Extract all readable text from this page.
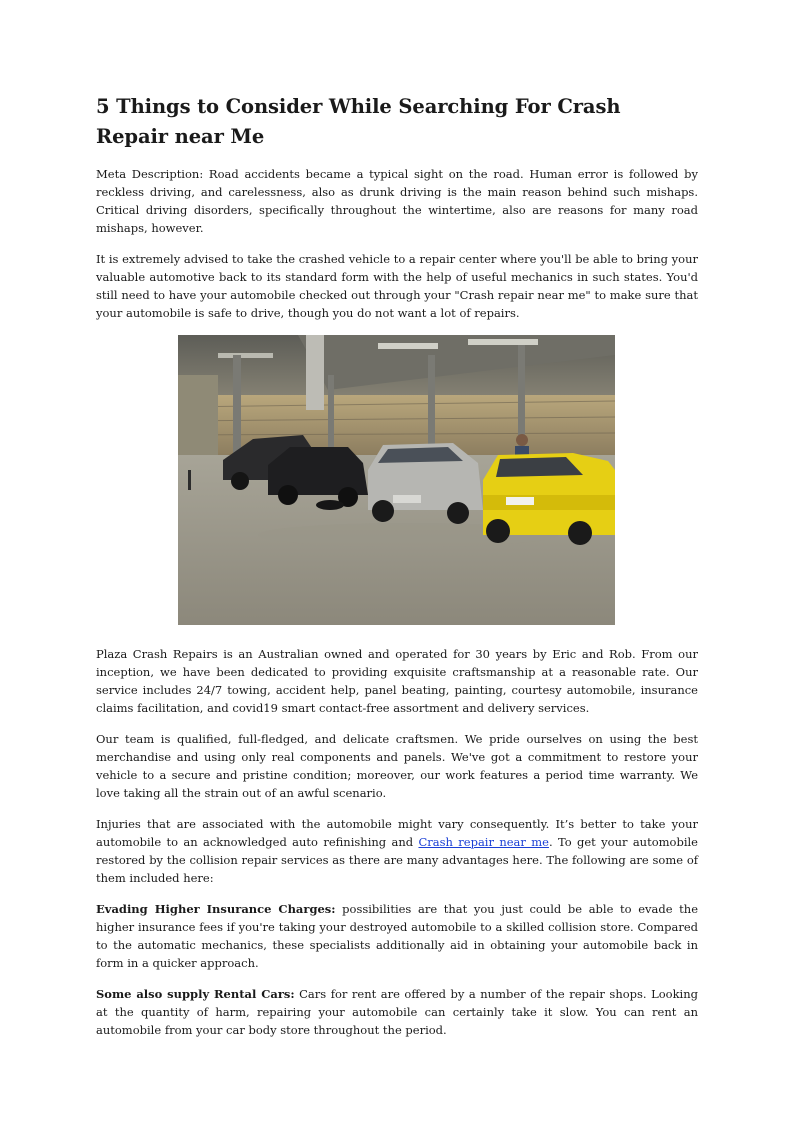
5 Things to Consider While Searching For Crash Repair near Me

Meta Description: Road accidents became a typical sight on the road. Human error is followed by reckless driving, and carelessness, also as drunk driving is the main reason behind such mishaps. Critical driving disorders, specifically throughout the wintertime, also are reasons for many road mishaps, however.

It is extremely advised to take the crashed vehicle to a repair center where you'll be able to bring your valuable automotive back to its standard form with the help of useful mechanics in such states. You'd still need to have your automobile checked out through your "Crash repair near me" to make sure that your automobile is safe to drive, though you do not want a lot of repairs.

Plaza Crash Repairs is an Australian owned and operated for 30 years by Eric and Rob. From our inception, we have been dedicated to providing exquisite craftsmanship at a reasonable rate. Our service includes 24/7 towing, accident help, panel beating, painting, courtesy automobile, insurance claims facilitation, and covid19 smart contact-free assortment and delivery services.

Our team is qualified, full-fledged, and delicate craftsmen. We pride ourselves on using the best merchandise and using only real components and panels. We've got a commitment to restore your vehicle to a secure and pristine condition; moreover, our work features a period time warranty. We love taking all the strain out of an awful scenario.

Injuries that are associated with the automobile might vary consequently. It’s better to take your automobile to an acknowledged auto refinishing and Crash repair near me. To get your automobile restored by the collision repair services as there are many advantages here. The following are some of them included here:

Evading Higher Insurance Charges: possibilities are that you just could be able to evade the higher insurance fees if you're taking your destroyed automobile to a skilled collision store. Compared to the automatic mechanics, these specialists additionally aid in obtaining your automobile back in form in a quicker approach.

Some also supply Rental Cars: Cars for rent are offered by a number of the repair shops. Looking at the quantity of harm, repairing your automobile can certainly take it slow. You can rent an automobile from your car body store throughout the period.
